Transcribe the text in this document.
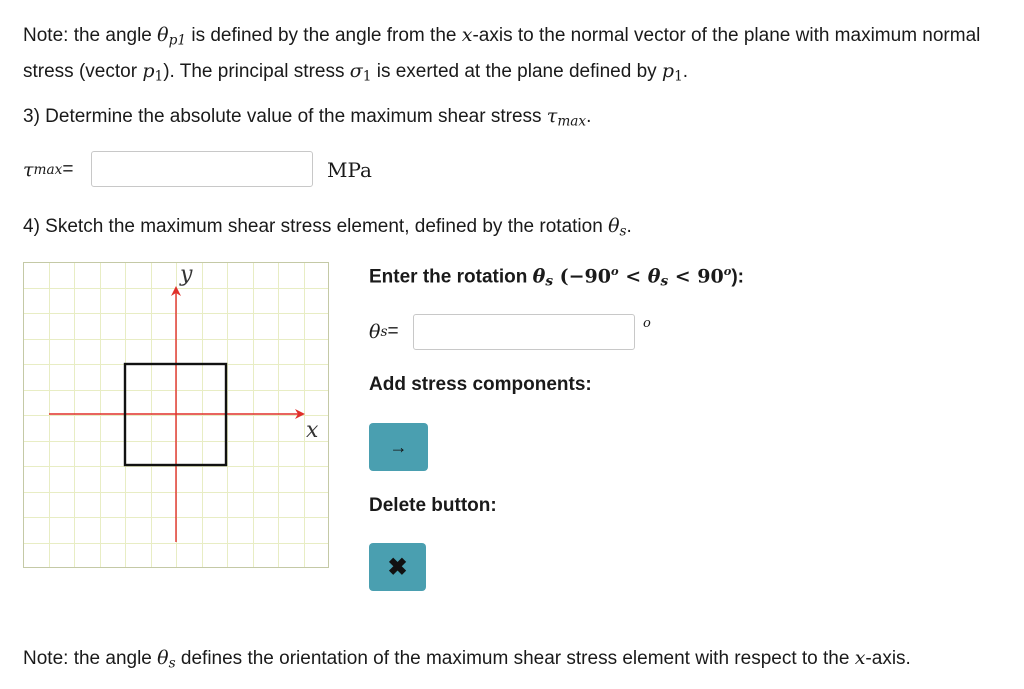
Note: the angle $\theta_{p1}$ is defined by the angle from the x-axis to the normal vector of the plane with maximum normal stress (vector $p_1$). The principal stress $\sigma_1$ is exerted at the plane defined by $p_1$.
3) Determine the absolute value of the maximum shear stress $\tau_{max}$.
τ max =	MPa
4) Sketch the maximum shear stress element, defined by the rotation $\theta_s$.
y
x
Enter the rotation $\theta_s$ $(-90^o < \theta_s < 90^o)$:
θ s =	o
Add stress components:
→
Delete button:
✖
Note: the angle $\theta_s$ defines the orientation of the maximum shear stress element with respect to the x-axis.
